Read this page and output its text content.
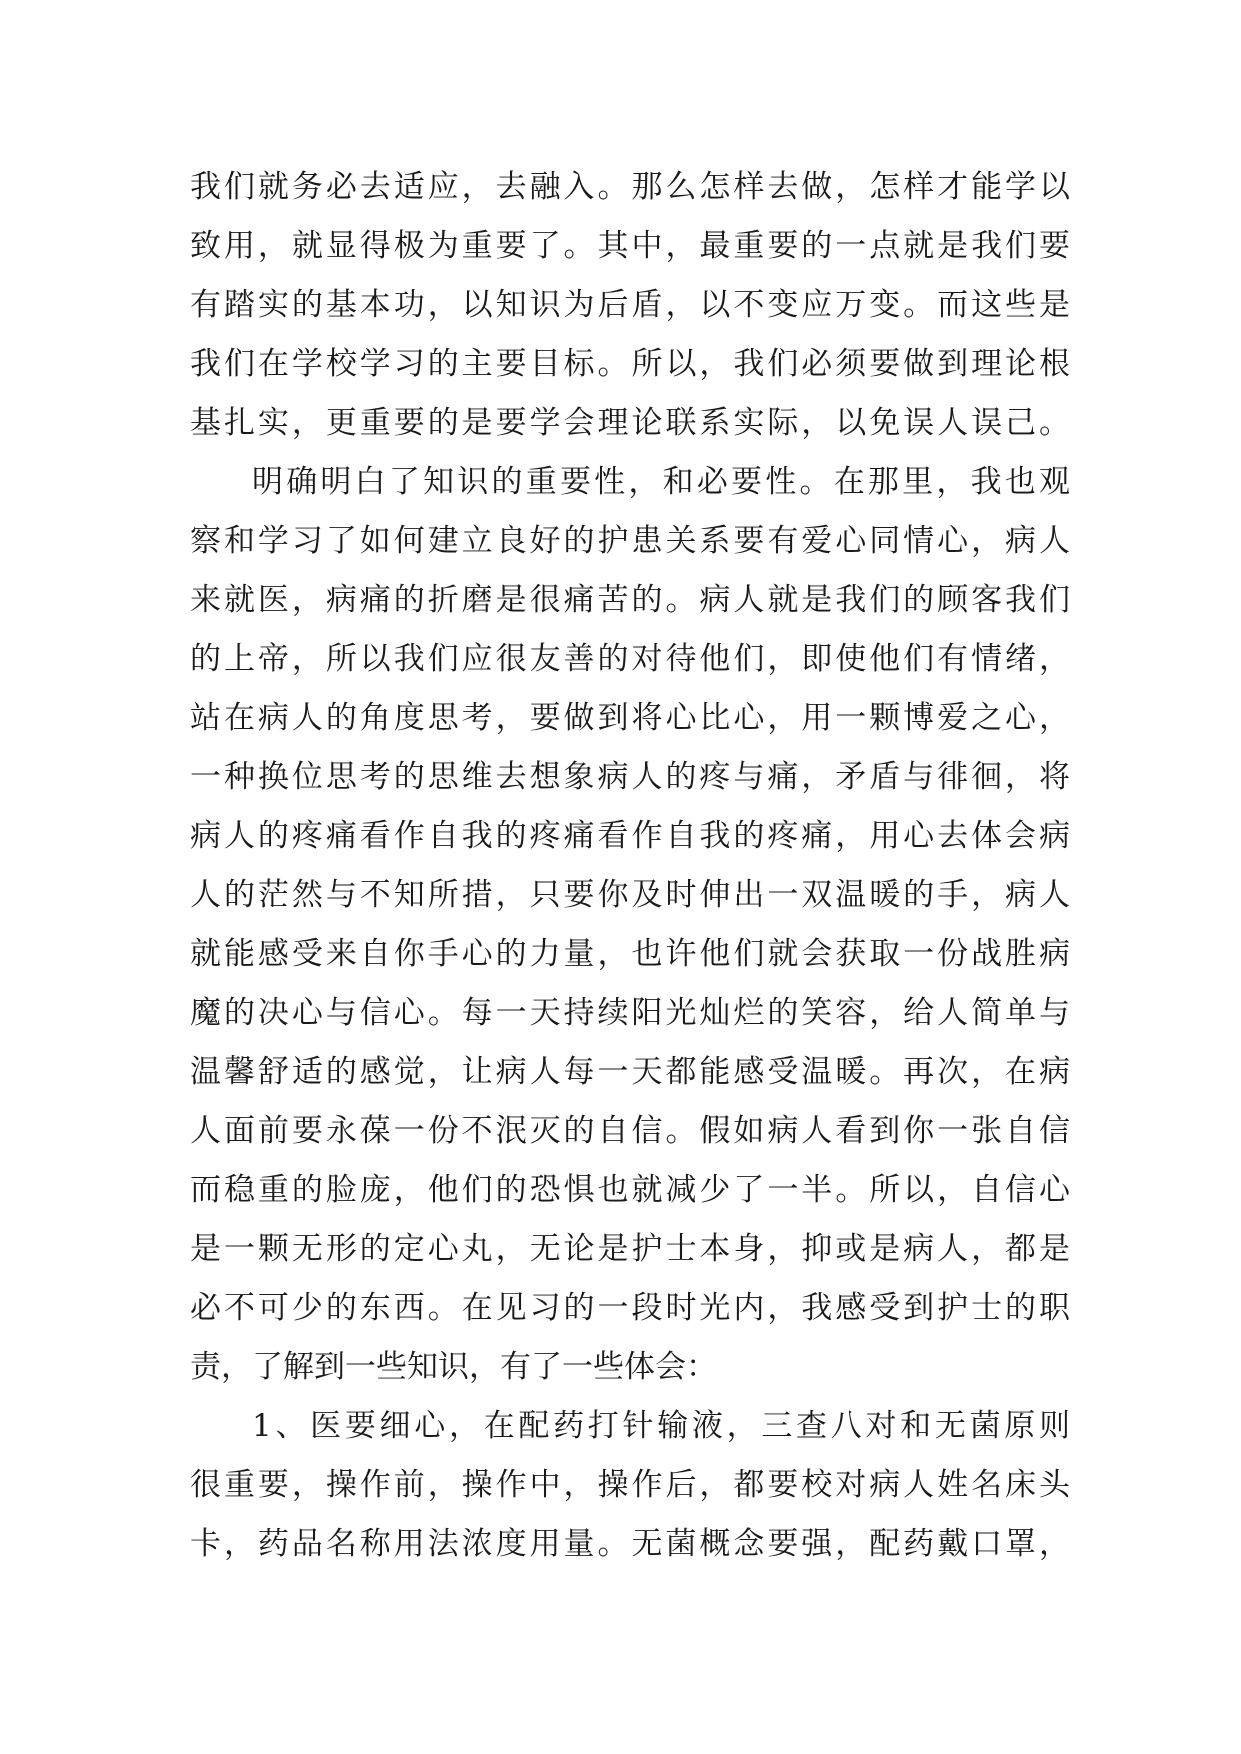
我们就务必去适应，去融入。那么怎样去做，怎样才能学以
致用，就显得极为重要了。其中，最重要的一点就是我们要
有踏实的基本功，以知识为后盾，以不变应万变。而这些是
我们在学校学习的主要目标。所以，我们必须要做到理论根
基扎实，更重要的是要学会理论联系实际，以免误人误己。
明确明白了知识的重要性，和必要性。在那里，我也观
察和学习了如何建立良好的护患关系要有爱心同情心，病人
来就医，病痛的折磨是很痛苦的。病人就是我们的顾客我们
的上帝，所以我们应很友善的对待他们，即使他们有情绪，
站在病人的角度思考，要做到将心比心，用一颗博爱之心，
一种换位思考的思维去想象病人的疼与痛，矛盾与徘徊，将
病人的疼痛看作自我的疼痛看作自我的疼痛，用心去体会病
人的茫然与不知所措，只要你及时伸出一双温暖的手，病人
就能感受来自你手心的力量，也许他们就会获取一份战胜病
魔的决心与信心。每一天持续阳光灿烂的笑容，给人简单与
温馨舒适的感觉，让病人每一天都能感受温暖。再次，在病
人面前要永葆一份不泯灭的自信。假如病人看到你一张自信
而稳重的脸庞，他们的恐惧也就减少了一半。所以，自信心
是一颗无形的定心丸，无论是护士本身，抑或是病人，都是
必不可少的东西。在见习的一段时光内，我感受到护士的职
责，了解到一些知识，有了一些体会：
1、医要细心，在配药打针输液，三查八对和无菌原则
很重要，操作前，操作中，操作后，都要校对病人姓名床头
卡，药品名称用法浓度用量。无菌概念要强，配药戴口罩，
